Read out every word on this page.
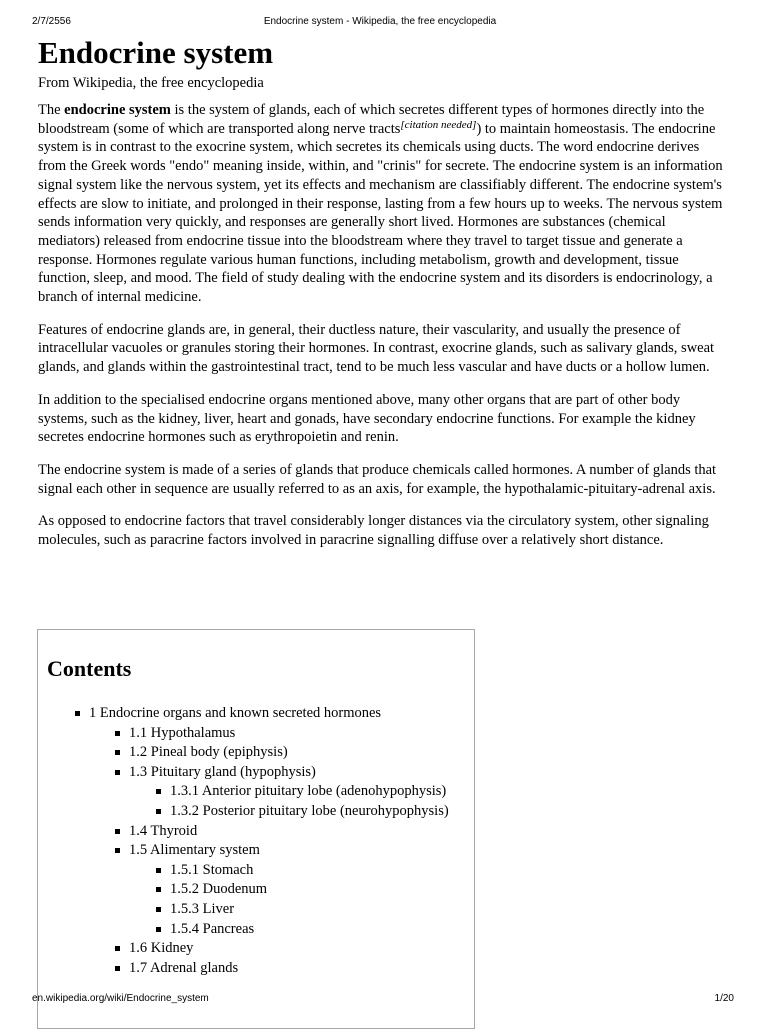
2/7/2556	Endocrine system - Wikipedia, the free encyclopedia
Endocrine system
From Wikipedia, the free encyclopedia

The endocrine system is the system of glands, each of which secretes different types of hormones directly into the bloodstream (some of which are transported along nerve tracts[citation needed]) to maintain homeostasis. The endocrine system is in contrast to the exocrine system, which secretes its chemicals using ducts. The word endocrine derives from the Greek words "endo" meaning inside, within, and "crinis" for secrete. The endocrine system is an information signal system like the nervous system, yet its effects and mechanism are classifiably different. The endocrine system's effects are slow to initiate, and prolonged in their response, lasting from a few hours up to weeks. The nervous system sends information very quickly, and responses are generally short lived. Hormones are substances (chemical mediators) released from endocrine tissue into the bloodstream where they travel to target tissue and generate a response. Hormones regulate various human functions, including metabolism, growth and development, tissue function, sleep, and mood. The field of study dealing with the endocrine system and its disorders is endocrinology, a branch of internal medicine.

Features of endocrine glands are, in general, their ductless nature, their vascularity, and usually the presence of intracellular vacuoles or granules storing their hormones. In contrast, exocrine glands, such as salivary glands, sweat glands, and glands within the gastrointestinal tract, tend to be much less vascular and have ducts or a hollow lumen.

In addition to the specialised endocrine organs mentioned above, many other organs that are part of other body systems, such as the kidney, liver, heart and gonads, have secondary endocrine functions. For example the kidney secretes endocrine hormones such as erythropoietin and renin.

The endocrine system is made of a series of glands that produce chemicals called hormones. A number of glands that signal each other in sequence are usually referred to as an axis, for example, the hypothalamic-pituitary-adrenal axis.

As opposed to endocrine factors that travel considerably longer distances via the circulatory system, other signaling molecules, such as paracrine factors involved in paracrine signalling diffuse over a relatively short distance.

Contents
1 Endocrine organs and known secreted hormones
1.1 Hypothalamus
1.2 Pineal body (epiphysis)
1.3 Pituitary gland (hypophysis)
1.3.1 Anterior pituitary lobe (adenohypophysis)
1.3.2 Posterior pituitary lobe (neurohypophysis)
1.4 Thyroid
1.5 Alimentary system
1.5.1 Stomach
1.5.2 Duodenum
1.5.3 Liver
1.5.4 Pancreas
1.6 Kidney
1.7 Adrenal glands
en.wikipedia.org/wiki/Endocrine_system	1/20
